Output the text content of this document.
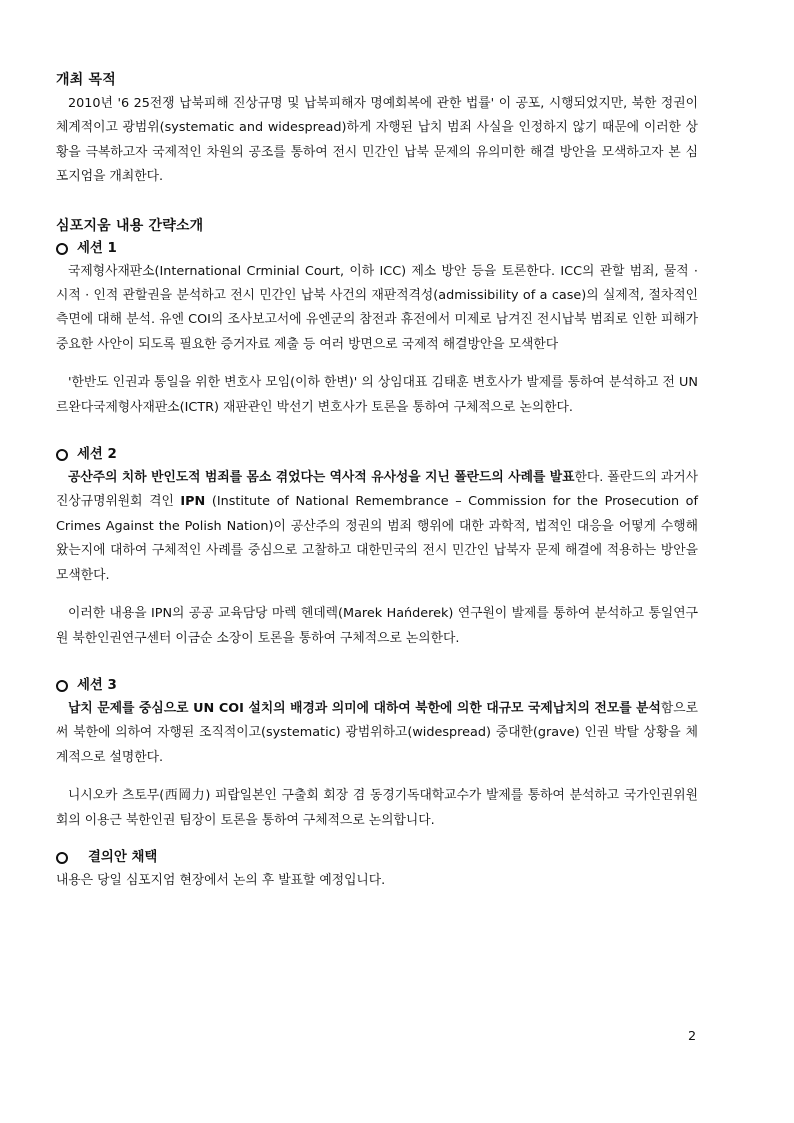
개최 목적

2010년 '6 25전쟁 납북피해 진상규명 및 납북피해자 명예회복에 관한 법률' 이 공포, 시행되었지만, 북한 정권이 체계적이고 광범위(systematic and widespread)하게 자행된 납치 범죄 사실을 인정하지 않기 때문에 이러한 상황을 극복하고자 국제적인 차원의 공조를 통하여 전시 민간인 납북 문제의 유의미한 해결 방안을 모색하고자 본 심포지엄을 개최한다.

심포지움 내용 간략소개
세션 1

국제형사재판소(International Crminial Court, 이하 ICC) 제소 방안 등을 토론한다. ICC의 관할 범죄, 물적 · 시적 · 인적 관할권을 분석하고 전시 민간인 납북 사건의 재판적격성(admissibility of a case)의 실제적, 절차적인 측면에 대해 분석. 유엔 COI의 조사보고서에 유엔군의 참전과 휴전에서 미제로 남겨진 전시납북 범죄로 인한 피해가 중요한 사안이 되도록 필요한 증거자료 제출 등 여러 방면으로 국제적 해결방안을 모색한다

'한반도 인권과 통일을 위한 변호사 모임(이하 한변)' 의 상임대표 김태훈 변호사가 발제를 통하여 분석하고 전 UN르완다국제형사재판소(ICTR) 재판관인 박선기 변호사가 토론을 통하여 구체적으로 논의한다.

세션 2

공산주의 치하 반인도적 범죄를 몸소 겪었다는 역사적 유사성을 지닌 폴란드의 사례를 발표한다. 폴란드의 과거사진상규명위원회 격인 IPN (Institute of National Remembrance – Commission for the Prosecution of Crimes Against the Polish Nation)이 공산주의 정권의 범죄 행위에 대한 과학적, 법적인 대응을 어떻게 수행해 왔는지에 대하여 구체적인 사례를 중심으로 고찰하고 대한민국의 전시 민간인 납북자 문제 해결에 적용하는 방안을 모색한다.

이러한 내용을 IPN의 공공 교육담당 마렉 헨데렉(Marek Hańderek) 연구원이 발제를 통하여 분석하고 통일연구원 북한인권연구센터 이금순 소장이 토론을 통하여 구체적으로 논의한다.

세션 3

납치 문제를 중심으로 UN COI 설치의 배경과 의미에 대하여 북한에 의한 대규모 국제납치의 전모를 분석함으로써 북한에 의하여 자행된 조직적이고(systematic) 광범위하고(widespread) 중대한(grave) 인권 박탈 상황을 체계적으로 설명한다.

니시오카 츠토무(西岡力) 피랍일본인 구출회 회장 겸 동경기독대학교수가 발제를 통하여 분석하고 국가인권위원회의 이용근 북한인권 팀장이 토론을 통하여 구체적으로 논의합니다.

결의안 채택

내용은 당일 심포지엄 현장에서 논의 후 발표할 예정입니다.

2
